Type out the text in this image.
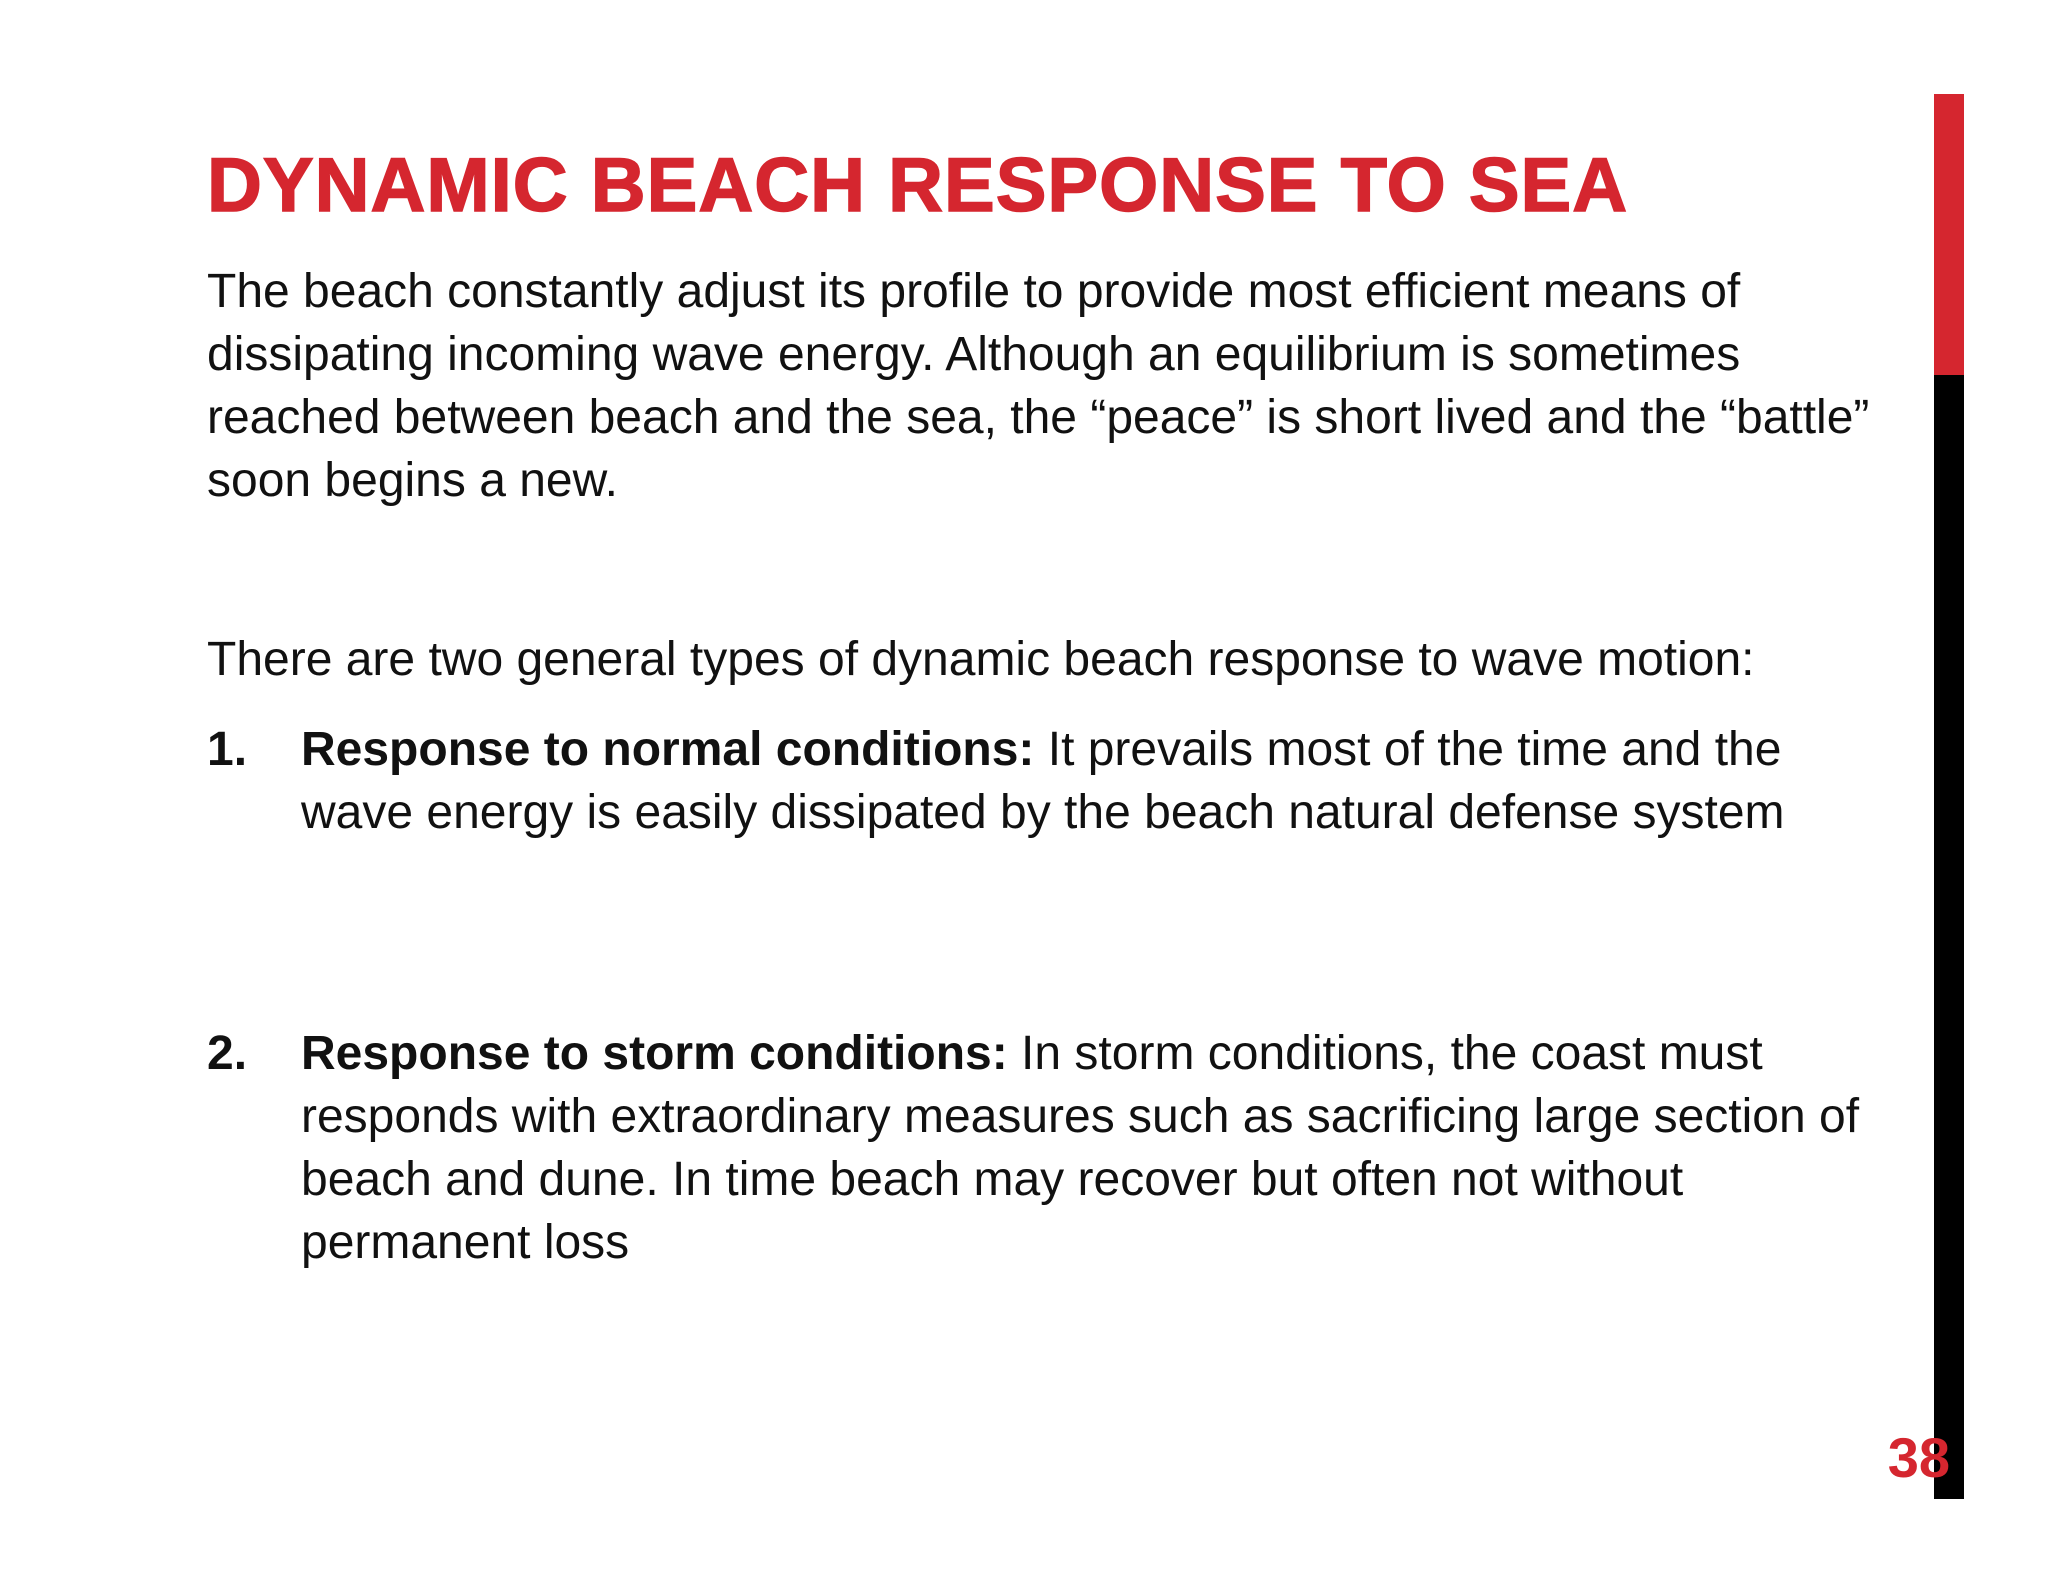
DYNAMIC BEACH RESPONSE TO SEA

The beach constantly adjust its profile to provide most efficient means of dissipating incoming wave energy. Although an equilibrium is sometimes reached between beach and the sea, the “peace” is short lived and the “battle” soon begins a new.

There are two general types of dynamic beach response to wave motion:

1. Response to normal conditions: It prevails most of the time and the wave energy is easily dissipated by the beach natural defense system
2. Response to storm conditions: In storm conditions, the coast must responds with extraordinary measures such as sacrificing large section of beach and dune. In time beach may recover but often not without permanent loss
38
